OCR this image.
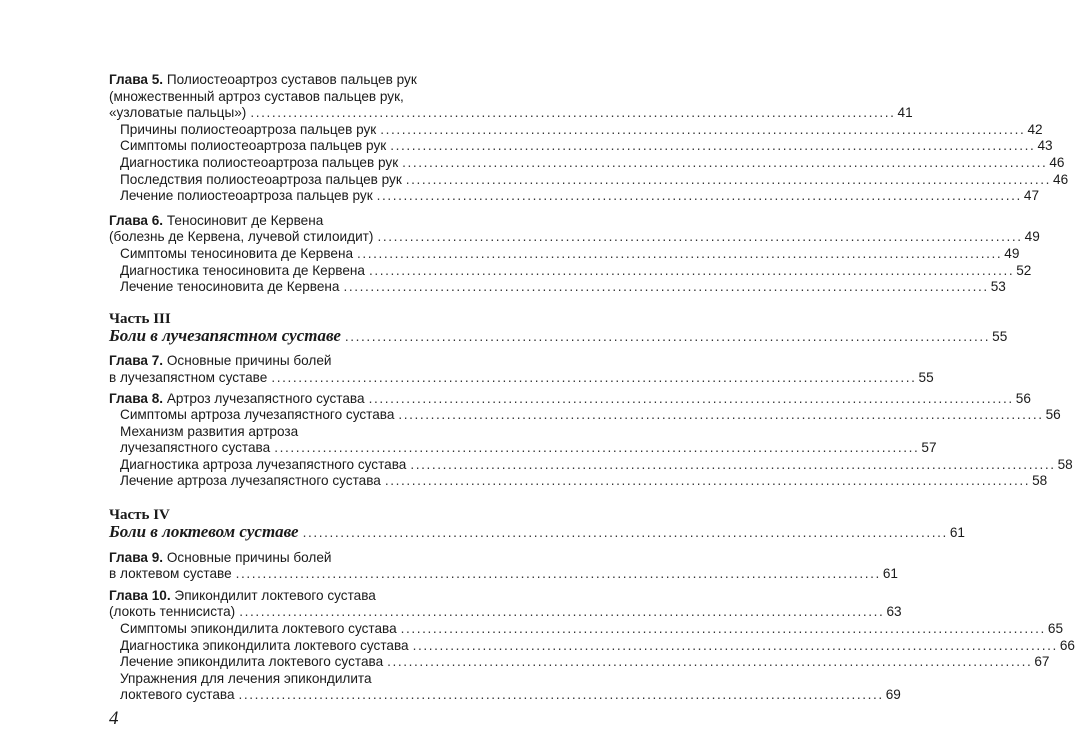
Глава 5. Полиостеоартроз суставов пальцев рук
(множественный артроз суставов пальцев рук,
«узловатые пальцы») ........................................................................................................................ 41
Причины полиостеоартроза пальцев рук ........................................................................................................................ 42
Симптомы полиостеоартроза пальцев рук ........................................................................................................................ 43
Диагностика полиостеоартроза пальцев рук ........................................................................................................................ 46
Последствия полиостеоартроза пальцев рук ........................................................................................................................ 46
Лечение полиостеоартроза пальцев рук ........................................................................................................................ 47
Глава 6. Теносиновит де Кервена
(болезнь де Кервена, лучевой стилоидит) ........................................................................................................................ 49
Симптомы теносиновита де Кервена ........................................................................................................................ 49
Диагностика теносиновита де Кервена ........................................................................................................................ 52
Лечение теносиновита де Кервена ........................................................................................................................ 53
Часть III
Боли в лучезапястном суставе ........................................................................................................................ 55
Глава 7. Основные причины болей
в лучезапястном суставе ........................................................................................................................ 55
Глава 8. Артроз лучезапястного сустава ........................................................................................................................ 56
Симптомы артроза лучезапястного сустава ........................................................................................................................ 56
Механизм развития артроза
лучезапястного сустава ........................................................................................................................ 57
Диагностика артроза лучезапястного сустава ........................................................................................................................ 58
Лечение артроза лучезапястного сустава ........................................................................................................................ 58
Часть IV
Боли в локтевом суставе ........................................................................................................................ 61
Глава 9. Основные причины болей
в локтевом суставе ........................................................................................................................ 61
Глава 10. Эпикондилит локтевого сустава
(локоть теннисиста) ........................................................................................................................ 63
Симптомы эпикондилита локтевого сустава ........................................................................................................................ 65
Диагностика эпикондилита локтевого сустава ........................................................................................................................ 66
Лечение эпикондилита локтевого сустава ........................................................................................................................ 67
Упражнения для лечения эпикондилита
локтевого сустава ........................................................................................................................ 69
4
